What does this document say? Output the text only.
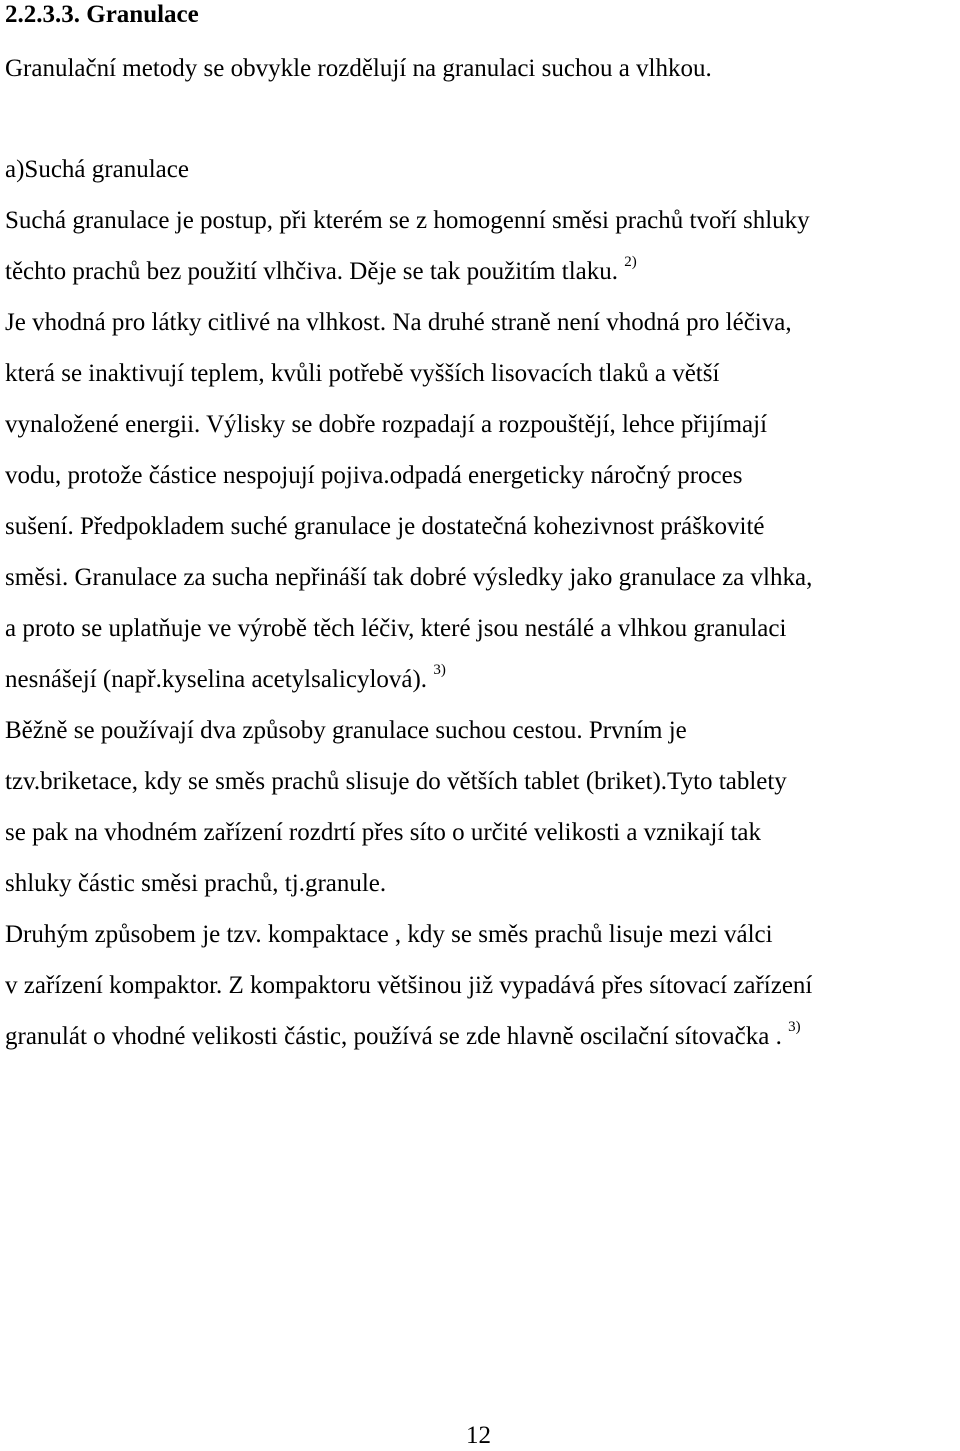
2.2.3.3. Granulace

Granulační metody se obvykle rozdělují na granulaci suchou a vlhkou.

a)Suchá granulace

Suchá granulace je postup, při kterém se z homogenní směsi prachů tvoří shluky

těchto prachů bez použití vlhčiva. Děje se tak použitím tlaku. $^{2)}$

Je vhodná pro látky citlivé na vlhkost. Na druhé straně není vhodná pro léčiva,

která se inaktivují teplem, kvůli potřebě vyšších lisovacích tlaků a větší

vynaložené energii. Výlisky se dobře rozpadají a rozpouštějí, lehce přijímají

vodu, protože částice nespojují pojiva.odpadá energeticky náročný proces

sušení. Předpokladem suché granulace je dostatečná kohezivnost práškovité

směsi. Granulace za sucha nepřináší tak dobré výsledky jako granulace za vlhka,

a proto se uplatňuje ve výrobě těch léčiv, které jsou nestálé a vlhkou granulaci

nesnášejí (např.kyselina acetylsalicylová). $^{3)}$

Běžně se používají dva způsoby granulace suchou cestou. Prvním je

tzv.briketace, kdy se směs prachů slisuje do větších tablet (briket).Tyto tablety

se pak na vhodném zařízení rozdrtí přes síto o určité velikosti a vznikají tak

shluky částic směsi prachů, tj.granule.

Druhým způsobem je tzv. kompaktace , kdy se směs prachů lisuje mezi válci

v zařízení kompaktor. Z kompaktoru většinou již vypadává přes sítovací zařízení

granulát o vhodné velikosti částic, používá se zde hlavně oscilační sítovačka . $^{3)}$

12
